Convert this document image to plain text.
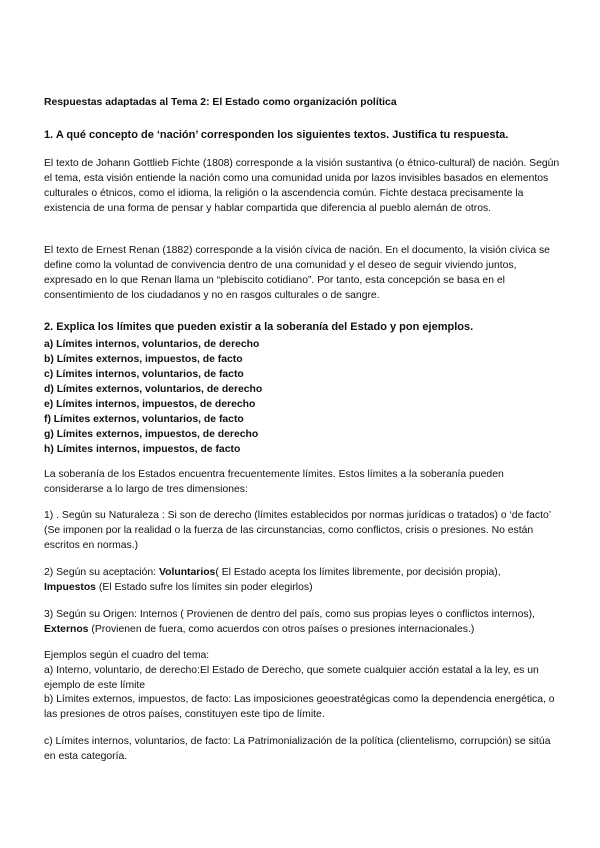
Respuestas adaptadas al Tema 2: El Estado como organización política

1. A qué concepto de ‘nación’ corresponden los siguientes textos. Justifica tu respuesta.

El texto de Johann Gottlieb Fichte (1808) corresponde a la visión sustantiva (o étnico-cultural) de nación. Según el tema, esta visión entiende la nación como una comunidad unida por lazos invisibles basados en elementos culturales o étnicos, como el idioma, la religión o la ascendencia común. Fichte destaca precisamente la existencia de una forma de pensar y hablar compartida que diferencia al pueblo alemán de otros.

El texto de Ernest Renan (1882) corresponde a la visión cívica de nación. En el documento, la visión cívica se define como la voluntad de convivencia dentro de una comunidad y el deseo de seguir viviendo juntos, expresado en lo que Renan llama un “plebiscito cotidiano”. Por tanto, esta concepción se basa en el consentimiento de los ciudadanos y no en rasgos culturales o de sangre.

2. Explica los límites que pueden existir a la soberanía del Estado y pon ejemplos.

a) Límites internos, voluntarios, de derecho
b) Límites externos, impuestos, de facto
c) Límites internos, voluntarios, de facto
d) Límites externos, voluntarios, de derecho
e) Límites internos, impuestos, de derecho
f) Límites externos, voluntarios, de facto
g) Límites externos, impuestos, de derecho
h) Límites internos, impuestos, de facto

La soberanía de los Estados encuentra frecuentemente límites. Estos límites a la soberanía pueden considerarse a lo largo de tres dimensiones:

1) . Según su Naturaleza : Si son de derecho (límites establecidos por normas jurídicas o tratados) o ‘de facto’ (Se imponen por la realidad o la fuerza de las circunstancias, como conflictos, crisis o presiones. No están escritos en normas.)

2) Según su aceptación: Voluntarios( El Estado acepta los límites libremente, por decisión propia),
Impuestos (El Estado sufre los límites sin poder elegirlos)

3) Según su Origen: Internos ( Provienen de dentro del país, como sus propias leyes o conflictos internos), Externos (Provienen de fuera, como acuerdos con otros países o presiones internacionales.)

Ejemplos según el cuadro del tema:

a) Interno, voluntario, de derecho:El Estado de Derecho, que somete cualquier acción estatal a la ley, es un ejemplo de este límite

b) Límites externos, impuestos, de facto: Las imposiciones geoestratégicas como la dependencia energética, o las presiones de otros países, constituyen este tipo de límite.

c) Límites internos, voluntarios, de facto: La Patrimonialización de la política (clientelismo, corrupción) se sitúa en esta categoría.
